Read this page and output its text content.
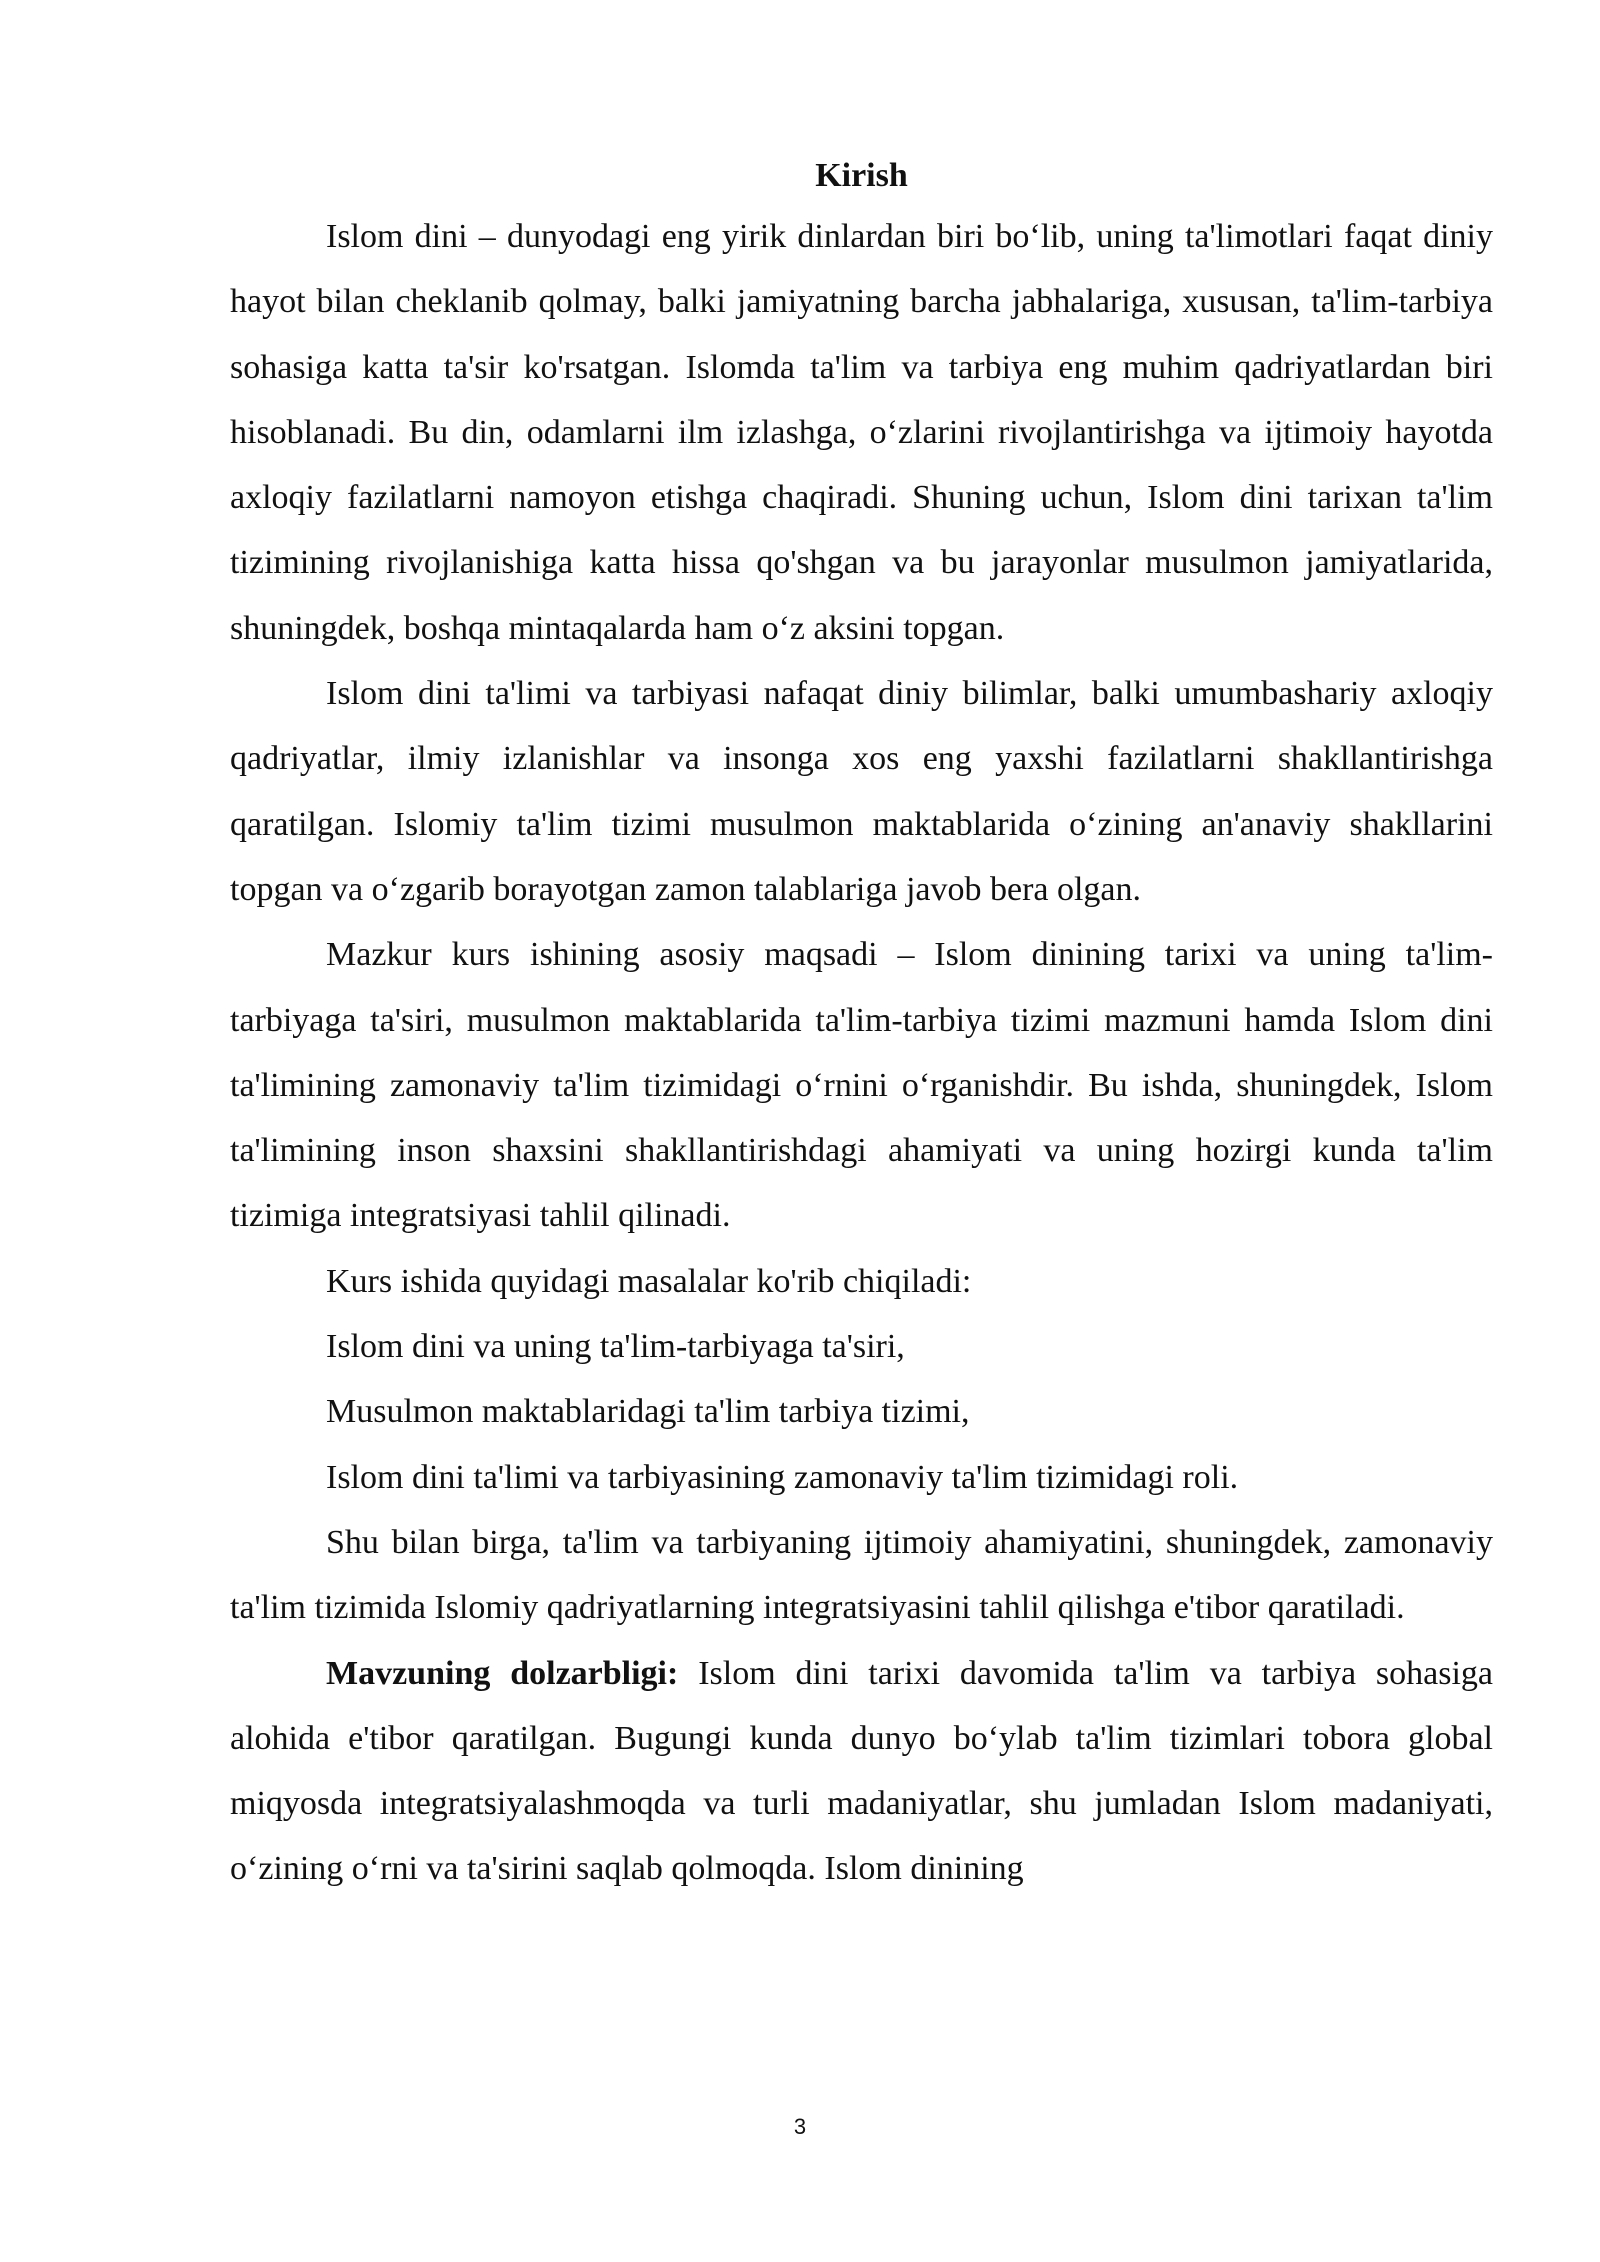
Kirish

Islom dini – dunyodagi eng yirik dinlardan biri bo‘lib, uning ta'limotlari faqat diniy hayot bilan cheklanib qolmay, balki jamiyatning barcha jabhalariga, xususan, ta'lim-tarbiya sohasiga katta ta'sir ko'rsatgan. Islomda ta'lim va tarbiya eng muhim qadriyatlardan biri hisoblanadi. Bu din, odamlarni ilm izlashga, o‘zlarini rivojlantirishga va ijtimoiy hayotda axloqiy fazilatlarni namoyon etishga chaqiradi. Shuning uchun, Islom dini tarixan ta'lim tizimining rivojlanishiga katta hissa qo'shgan va bu jarayonlar musulmon jamiyatlarida, shuningdek, boshqa mintaqalarda ham o‘z aksini topgan.

Islom dini ta'limi va tarbiyasi nafaqat diniy bilimlar, balki umumbashariy axloqiy qadriyatlar, ilmiy izlanishlar va insonga xos eng yaxshi fazilatlarni shakllantirishga qaratilgan. Islomiy ta'lim tizimi musulmon maktablarida o‘zining an'anaviy shakllarini topgan va o‘zgarib borayotgan zamon talablariga javob bera olgan.

Mazkur kurs ishining asosiy maqsadi – Islom dinining tarixi va uning ta'lim-tarbiyaga ta'siri, musulmon maktablarida ta'lim-tarbiya tizimi mazmuni hamda Islom dini ta'limining zamonaviy ta'lim tizimidagi o‘rnini o‘rganishdir. Bu ishda, shuningdek, Islom ta'limining inson shaxsini shakllantirishdagi ahamiyati va uning hozirgi kunda ta'lim tizimiga integratsiyasi tahlil qilinadi.

Kurs ishida quyidagi masalalar ko'rib chiqiladi:

Islom dini va uning ta'lim-tarbiyaga ta'siri,

Musulmon maktablaridagi ta'lim tarbiya tizimi,

Islom dini ta'limi va tarbiyasining zamonaviy ta'lim tizimidagi roli.

Shu bilan birga, ta'lim va tarbiyaning ijtimoiy ahamiyatini, shuningdek, zamonaviy ta'lim tizimida Islomiy qadriyatlarning integratsiyasini tahlil qilishga e'tibor qaratiladi.

Mavzuning dolzarbligi: Islom dini tarixi davomida ta'lim va tarbiya sohasiga alohida e'tibor qaratilgan. Bugungi kunda dunyo bo‘ylab ta'lim tizimlari tobora global miqyosda integratsiyalashmoqda va turli madaniyatlar, shu jumladan Islom madaniyati, o‘zining o‘rni va ta'sirini saqlab qolmoqda. Islom dinining

3
